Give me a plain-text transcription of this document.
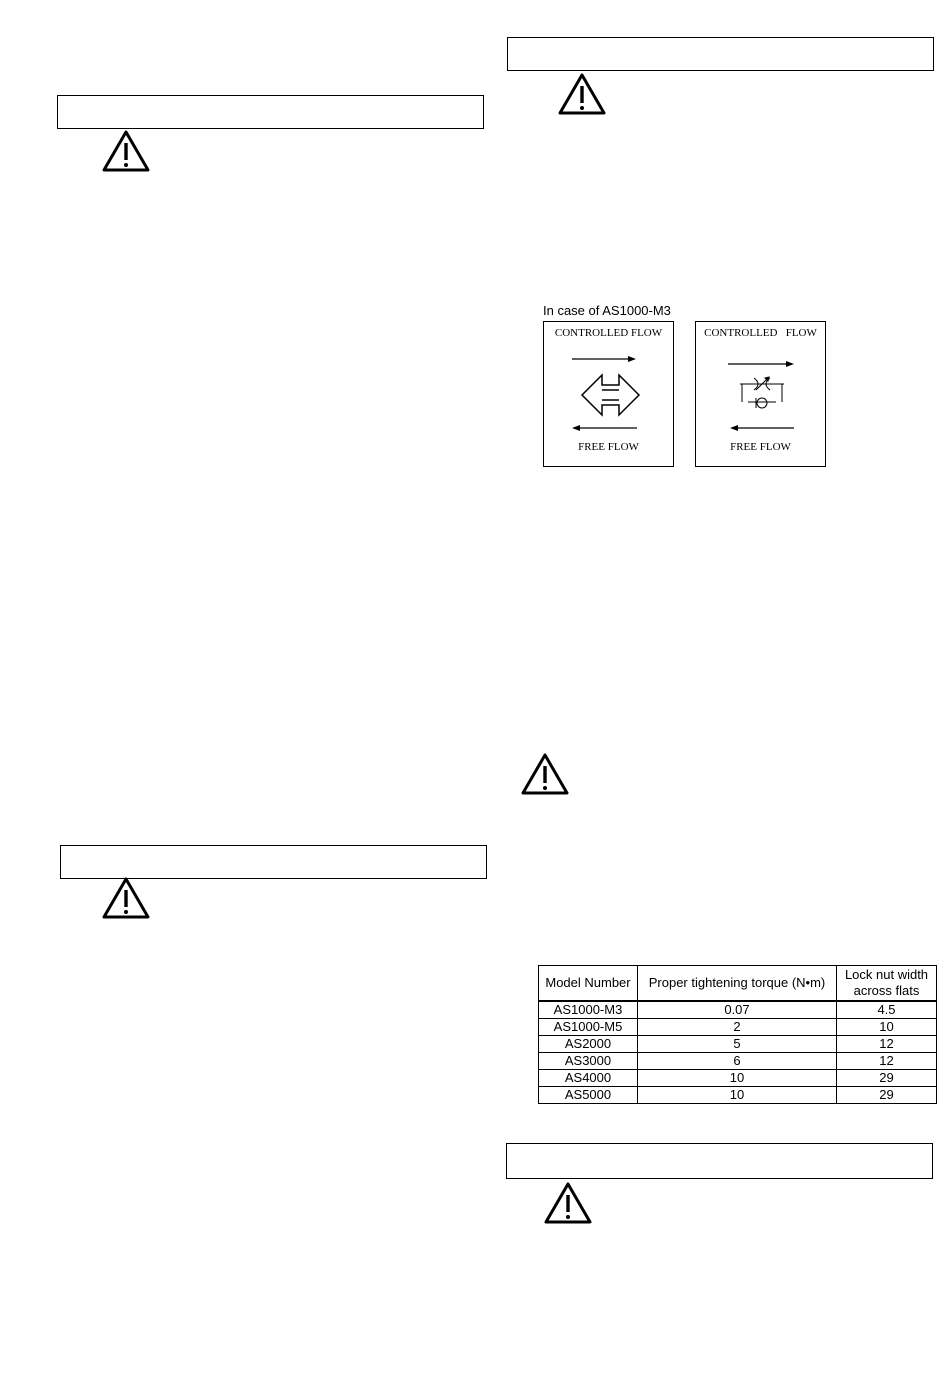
In case of AS1000-M3
CONTROLLED FLOW
FREE FLOW
CONTROLLED   FLOW
FREE FLOW
Model Number	Proper tightening torque (N•m)	Lock nut width across flats
AS1000-M3	0.07	4.5
AS1000-M5	2	10
AS2000	5	12
AS3000	6	12
AS4000	10	29
AS5000	10	29
